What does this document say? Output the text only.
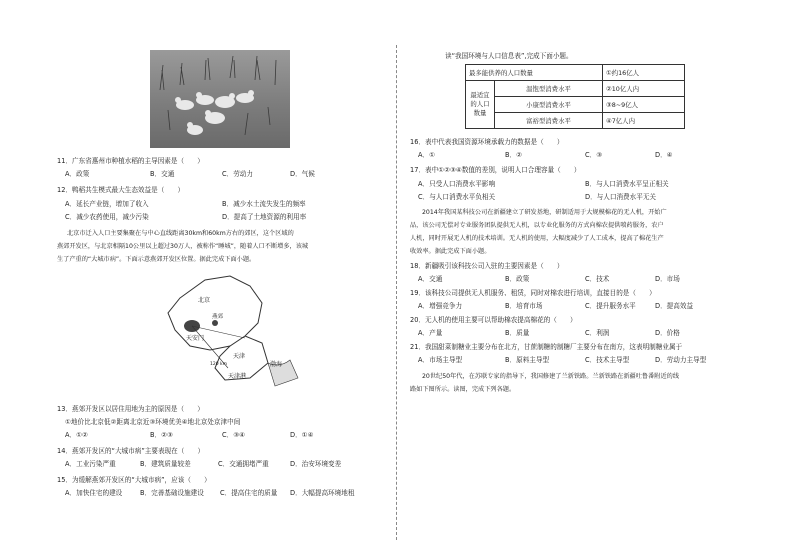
11．广东省惠州市种植水稻的主导因素是（　　）
A．政策	B．交通	C．劳动力	D．气候
12．鸭稻共生模式最大生态效益是（　　）
A．延长产业链，增加了收入	B．减少水土流失发生的频率
C．减少农药使用，减少污染	D．提高了土地资源的利用率
北京市迁入人口主要集聚在与中心直线距离30km和60km方右的郊区，这个区域的
燕郊开发区，与北京相隔10公里以上超过30万人，被称作“睡城”，随着人口不断增多，该城
生了产重的“大城市病”。下面示意燕郊开发区位置。据此完成下面小题。
北京
天安门
燕郊
天津
天津港
渤海
120 km
13．燕郊开发区以居住用地为主的原因是（　　）
①地价比北京低②距离北京近③环境优美④地北京处京津中间
A．①②	B．②③	C．③④	D．①④
14．燕郊开发区的“大城市病”主要表现在（　　）
A．工业污染严重	B．建筑质量较差	C．交通拥堵严重	D．治安环境变差
15．为缓解燕郊开发区的“大城市病”，应该（　　）
A．加快住宅的建设	B．完善基础设施建设 C．提高住宅的质量 D．大幅提高环境地租
读“我国环境与人口信息表”,完成下面小题。
最多能供养的人口数量		①约16亿人

最适宜
的人口
数量	温饱型消费水平	②10亿人内
	小康型消费水平	③8~9亿人
	富裕型消费水平	④7亿人内
16．表中代表我国资源环境承载力的数据是（　　）
A．①	B．②	C．③	D．④
17．表中①②③④数值的差别，说明人口合理容量（　　）
A．只受人口消费水平影响	B．与人口消费水平呈正相关
C．与人口消费水平负相关	D．与人口消费水平无关
2014年我国某科技公司在新疆建立了研发基地，研制适用于大规模棉花的无人机，开始广
品，该公司无偿对专业服务团队提供无人机，以专业化服务的方式向棉农提供喷药服务，农户
人机，同时开展无人机的技术培训。无人机的使用，大幅度减少了人工成本，提高了棉花生产
收效率。据此完成下面小题。
18．新疆吸引该科技公司入驻的主要因素是（　　）
A．交通	B．政策	C．技术	D．市场
19．该科技公司提供无人机服务、租赁，同时对棉农进行培训，直接目的是（　　）
A．增强竞争力	B．培育市场	C．提升服务水平	D．提高效益
20．无人机的使用主要可以帮助棉农提高棉花的（　　）
A．产量	B．质量	C．利润	D．价格
21．我国甜菜制糖业主要分布在北方，甘蔗制糖的制糖厂主要分布在南方，这表明制糖业属于
A．市场主导型	B．原料主导型	C．技术主导型	D．劳动力主导型
20世纪50年代，在苏联专家的指导下，我国修建了兰新铁路。兰新铁路在新疆吐鲁番附近的线
路如下图所示。读图，完成下列各题。
